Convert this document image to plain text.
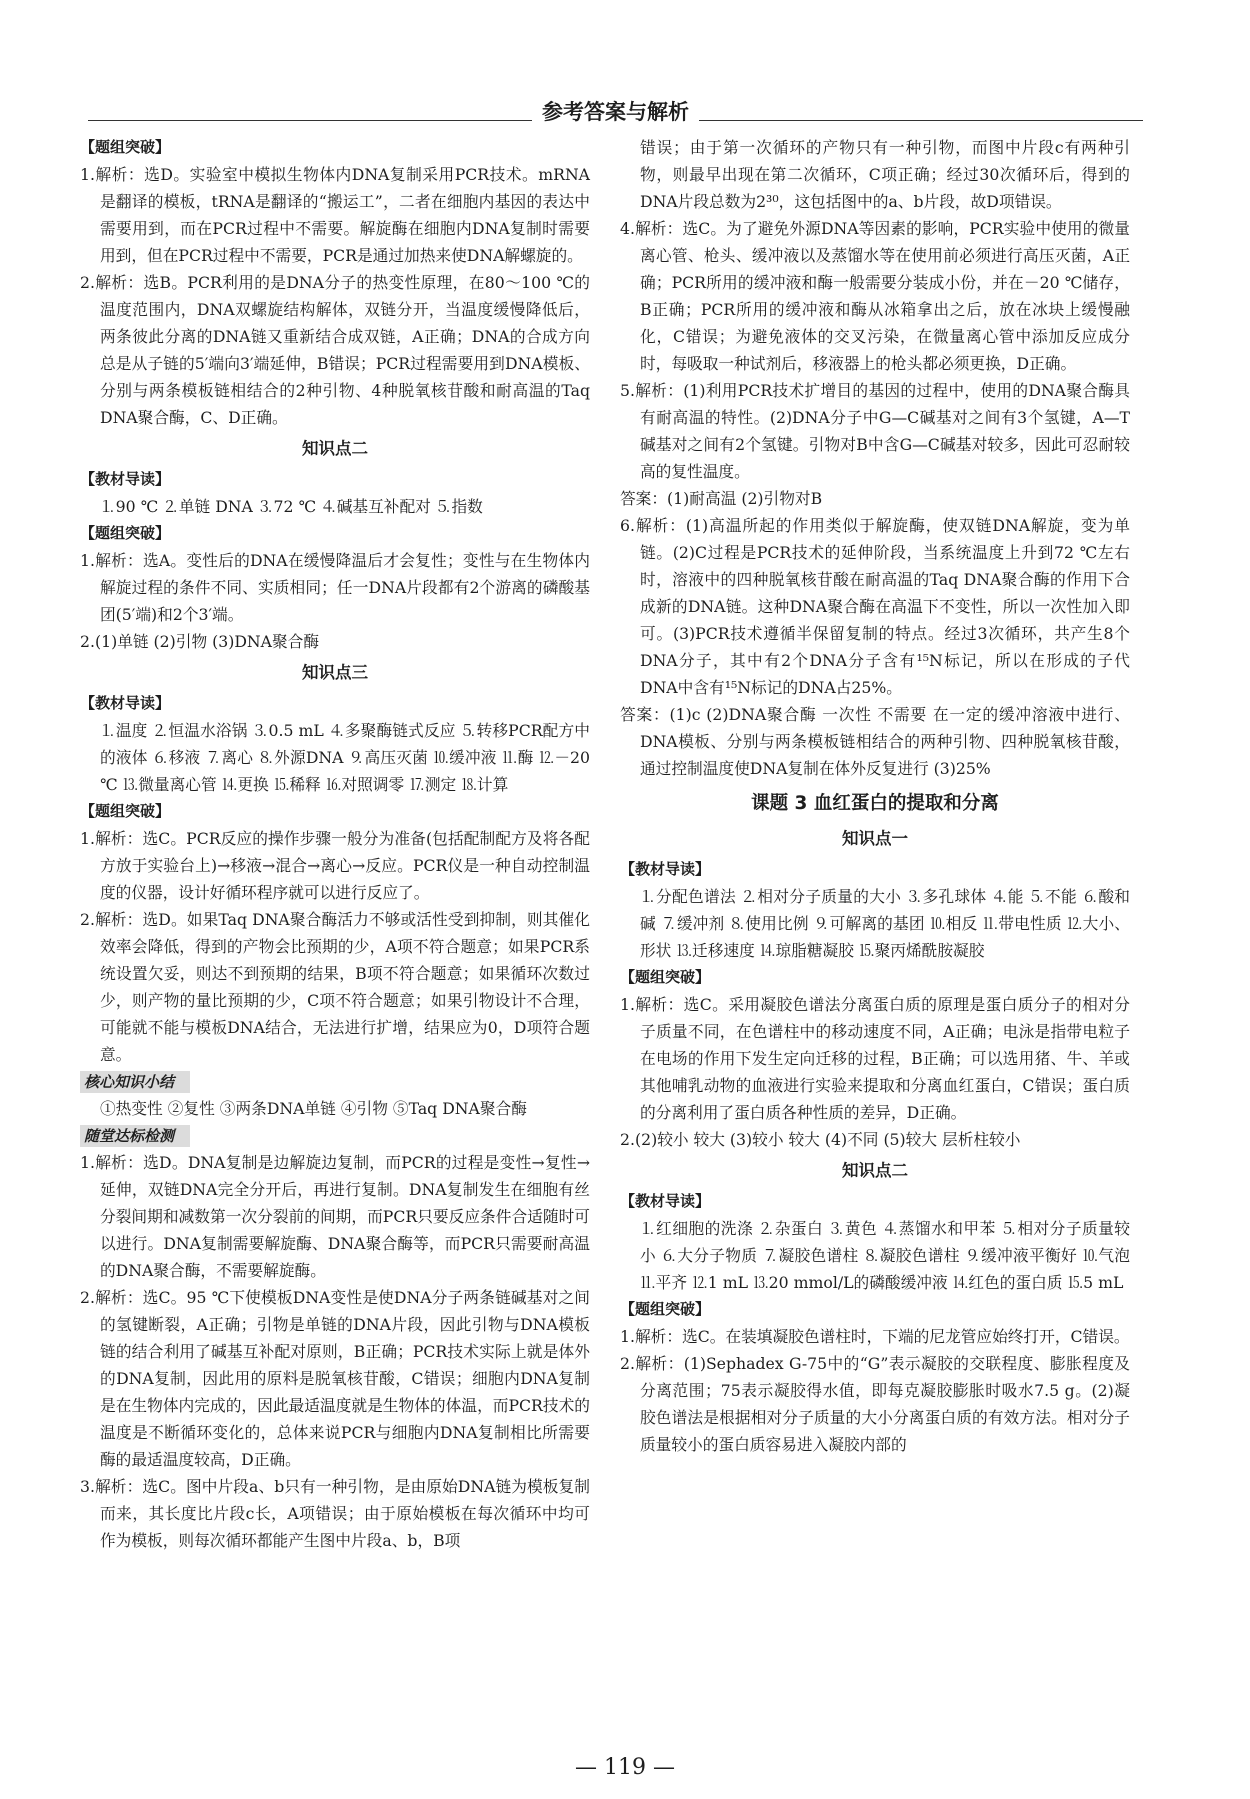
参考答案与解析
【题组突破】
1.解析：选D。实验室中模拟生物体内DNA复制采用PCR技术。mRNA是翻译的模板，tRNA是翻译的“搬运工”，二者在细胞内基因的表达中需要用到，而在PCR过程中不需要。解旋酶在细胞内DNA复制时需要用到，但在PCR过程中不需要，PCR是通过加热来使DNA解螺旋的。
2.解析：选B。PCR利用的是DNA分子的热变性原理，在80～100 ℃的温度范围内，DNA双螺旋结构解体，双链分开，当温度缓慢降低后，两条彼此分离的DNA链又重新结合成双链，A正确；DNA的合成方向总是从子链的5′端向3′端延伸，B错误；PCR过程需要用到DNA模板、分别与两条模板链相结合的2种引物、4种脱氧核苷酸和耐高温的Taq DNA聚合酶，C、D正确。
知识点二
【教材导读】
⒈90 ℃ ⒉单链 DNA ⒊72 ℃ ⒋碱基互补配对 ⒌指数
【题组突破】
1.解析：选A。变性后的DNA在缓慢降温后才会复性；变性与在生物体内解旋过程的条件不同、实质相同；任一DNA片段都有2个游离的磷酸基团(5′端)和2个3′端。
2.(1)单链 (2)引物 (3)DNA聚合酶
知识点三
【教材导读】
⒈温度 ⒉恒温水浴锅 ⒊0.5 mL ⒋多聚酶链式反应 ⒌转移PCR配方中的液体 ⒍移液 ⒎离心 ⒏外源DNA ⒐高压灭菌 ⒑缓冲液 ⒒酶 ⒓－20 ℃ ⒔微量离心管 ⒕更换 ⒖稀释 ⒗对照调零 ⒘测定 ⒙计算
【题组突破】
1.解析：选C。PCR反应的操作步骤一般分为准备(包括配制配方及将各配方放于实验台上)→移液→混合→离心→反应。PCR仪是一种自动控制温度的仪器，设计好循环程序就可以进行反应了。
2.解析：选D。如果Taq DNA聚合酶活力不够或活性受到抑制，则其催化效率会降低，得到的产物会比预期的少，A项不符合题意；如果PCR系统设置欠妥，则达不到预期的结果，B项不符合题意；如果循环次数过少，则产物的量比预期的少，C项不符合题意；如果引物设计不合理，可能就不能与模板DNA结合，无法进行扩增，结果应为0，D项符合题意。
核心知识小结
①热变性 ②复性 ③两条DNA单链 ④引物 ⑤Taq DNA聚合酶
随堂达标检测
1.解析：选D。DNA复制是边解旋边复制，而PCR的过程是变性→复性→延伸，双链DNA完全分开后，再进行复制。DNA复制发生在细胞有丝分裂间期和减数第一次分裂前的间期，而PCR只要反应条件合适随时可以进行。DNA复制需要解旋酶、DNA聚合酶等，而PCR只需要耐高温的DNA聚合酶，不需要解旋酶。
2.解析：选C。95 ℃下使模板DNA变性是使DNA分子两条链碱基对之间的氢键断裂，A正确；引物是单链的DNA片段，因此引物与DNA模板链的结合利用了碱基互补配对原则，B正确；PCR技术实际上就是体外的DNA复制，因此用的原料是脱氧核苷酸，C错误；细胞内DNA复制是在生物体内完成的，因此最适温度就是生物体的体温，而PCR技术的温度是不断循环变化的，总体来说PCR与细胞内DNA复制相比所需要酶的最适温度较高，D正确。
3.解析：选C。图中片段a、b只有一种引物，是由原始DNA链为模板复制而来，其长度比片段c长，A项错误；由于原始模板在每次循环中均可作为模板，则每次循环都能产生图中片段a、b，B项
错误；由于第一次循环的产物只有一种引物，而图中片段c有两种引物，则最早出现在第二次循环，C项正确；经过30次循环后，得到的DNA片段总数为2³⁰，这包括图中的a、b片段，故D项错误。
4.解析：选C。为了避免外源DNA等因素的影响，PCR实验中使用的微量离心管、枪头、缓冲液以及蒸馏水等在使用前必须进行高压灭菌，A正确；PCR所用的缓冲液和酶一般需要分装成小份，并在－20 ℃储存，B正确；PCR所用的缓冲液和酶从冰箱拿出之后，放在冰块上缓慢融化，C错误；为避免液体的交叉污染，在微量离心管中添加反应成分时，每吸取一种试剂后，移液器上的枪头都必须更换，D正确。
5.解析：(1)利用PCR技术扩增目的基因的过程中，使用的DNA聚合酶具有耐高温的特性。(2)DNA分子中G—C碱基对之间有3个氢键，A—T碱基对之间有2个氢键。引物对B中含G—C碱基对较多，因此可忍耐较高的复性温度。
答案：(1)耐高温 (2)引物对B
6.解析：(1)高温所起的作用类似于解旋酶，使双链DNA解旋，变为单链。(2)C过程是PCR技术的延伸阶段，当系统温度上升到72 ℃左右时，溶液中的四种脱氧核苷酸在耐高温的Taq DNA聚合酶的作用下合成新的DNA链。这种DNA聚合酶在高温下不变性，所以一次性加入即可。(3)PCR技术遵循半保留复制的特点。经过3次循环，共产生8个DNA分子，其中有2个DNA分子含有¹⁵N标记，所以在形成的子代DNA中含有¹⁵N标记的DNA占25%。
答案：(1)c (2)DNA聚合酶 一次性 不需要 在一定的缓冲溶液中进行、DNA模板、分别与两条模板链相结合的两种引物、四种脱氧核苷酸，通过控制温度使DNA复制在体外反复进行 (3)25%
课题 3 血红蛋白的提取和分离
知识点一
【教材导读】
⒈分配色谱法 ⒉相对分子质量的大小 ⒊多孔球体 ⒋能 ⒌不能 ⒍酸和碱 ⒎缓冲剂 ⒏使用比例 ⒐可解离的基团 ⒑相反 ⒒带电性质 ⒓大小、形状 ⒔迁移速度 ⒕琼脂糖凝胶 ⒖聚丙烯酰胺凝胶
【题组突破】
1.解析：选C。采用凝胶色谱法分离蛋白质的原理是蛋白质分子的相对分子质量不同，在色谱柱中的移动速度不同，A正确；电泳是指带电粒子在电场的作用下发生定向迁移的过程，B正确；可以选用猪、牛、羊或其他哺乳动物的血液进行实验来提取和分离血红蛋白，C错误；蛋白质的分离利用了蛋白质各种性质的差异，D正确。
2.(2)较小 较大 (3)较小 较大 (4)不同 (5)较大 层析柱较小
知识点二
【教材导读】
⒈红细胞的洗涤 ⒉杂蛋白 ⒊黄色 ⒋蒸馏水和甲苯 ⒌相对分子质量较小 ⒍大分子物质 ⒎凝胶色谱柱 ⒏凝胶色谱柱 ⒐缓冲液平衡好 ⒑气泡 ⒒平齐 ⒓1 mL ⒔20 mmol/L的磷酸缓冲液 ⒕红色的蛋白质 ⒖5 mL
【题组突破】
1.解析：选C。在装填凝胶色谱柱时，下端的尼龙管应始终打开，C错误。
2.解析：(1)Sephadex G-75中的“G”表示凝胶的交联程度、膨胀程度及分离范围；75表示凝胶得水值，即每克凝胶膨胀时吸水7.5 g。(2)凝胶色谱法是根据相对分子质量的大小分离蛋白质的有效方法。相对分子质量较小的蛋白质容易进入凝胶内部的
— 119 —
